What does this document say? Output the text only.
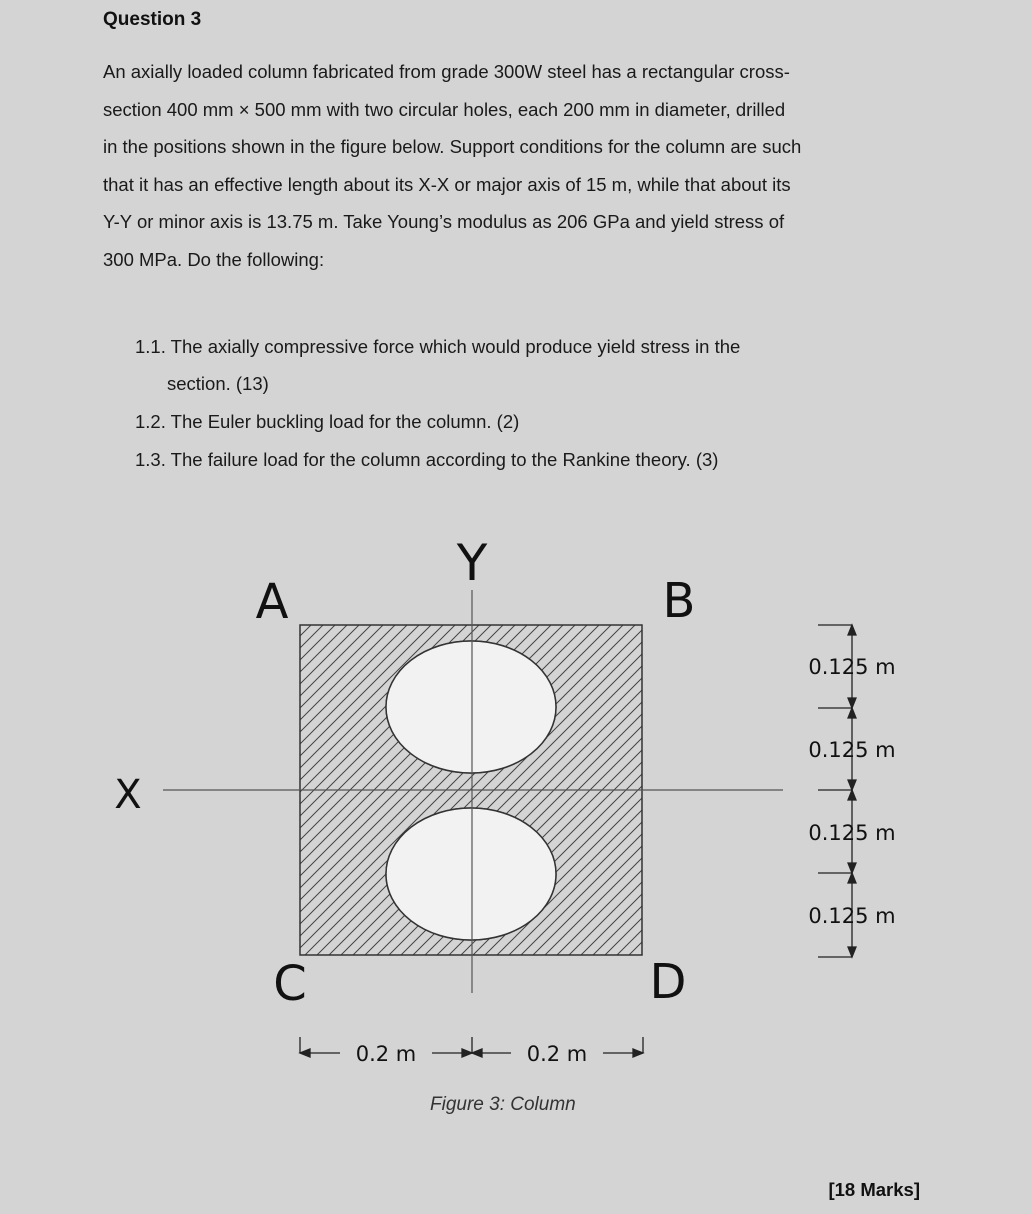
Question 3
An axially loaded column fabricated from grade 300W steel has a rectangular cross-
section 400 mm × 500 mm with two circular holes, each 200 mm in diameter, drilled
in the positions shown in the figure below. Support conditions for the column are such
that it has an effective length about its X-X or major axis of 15 m, while that about its
Y-Y or minor axis is 13.75 m. Take Young’s modulus as 206 GPa and yield stress of
300 MPa. Do the following:
1.1. The axially compressive force which would produce yield stress in the
section. (13)
1.2. The Euler buckling load for the column. (2)
1.3. The failure load for the column according to the Rankine theory. (3)
Y
X
A	B
C	D
0.125 m
0.125 m
0.125 m
0.125 m
0.2 m	0.2 m
Figure 3: Column
[18 Marks]
